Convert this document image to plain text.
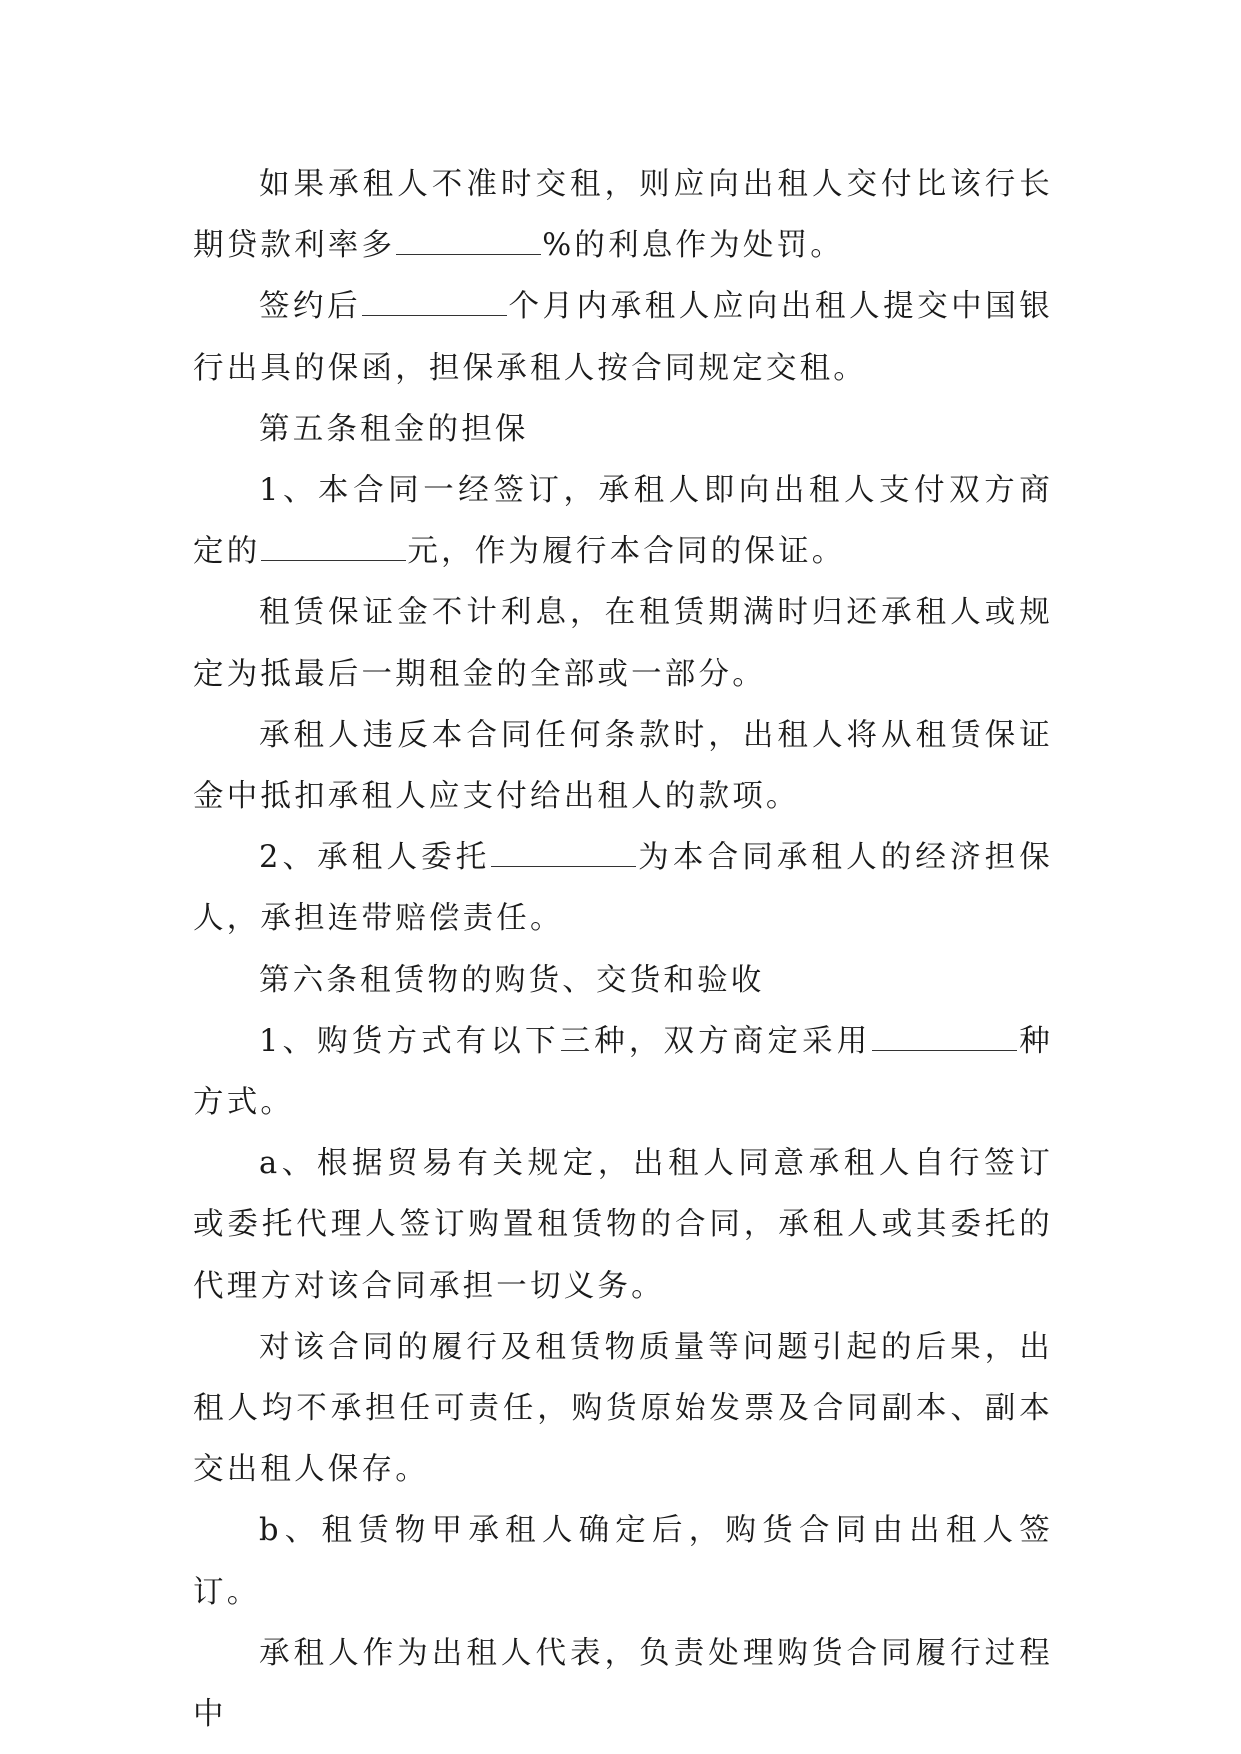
如果承租人不准时交租，则应向出租人交付比该行长期贷款利率多	%的利息作为处罚。

签约后	个月内承租人应向出租人提交中国银行出具的保函，担保承租人按合同规定交租。

第五条租金的担保

1、本合同一经签订，承租人即向出租人支付双方商定的	元，作为履行本合同的保证。

租赁保证金不计利息，在租赁期满时归还承租人或规定为抵最后一期租金的全部或一部分。

承租人违反本合同任何条款时，出租人将从租赁保证金中抵扣承租人应支付给出租人的款项。

2、承租人委托	为本合同承租人的经济担保人，承担连带赔偿责任。

第六条租赁物的购货、交货和验收

1、购货方式有以下三种，双方商定采用	种方式。

a、根据贸易有关规定，出租人同意承租人自行签订或委托代理人签订购置租赁物的合同，承租人或其委托的代理方对该合同承担一切义务。

对该合同的履行及租赁物质量等问题引起的后果，出租人均不承担任可责任，购货原始发票及合同副本、副本交出租人保存。

b、租赁物甲承租人确定后，购货合同由出租人签订。

承租人作为出租人代表，负责处理购货合同履行过程中
